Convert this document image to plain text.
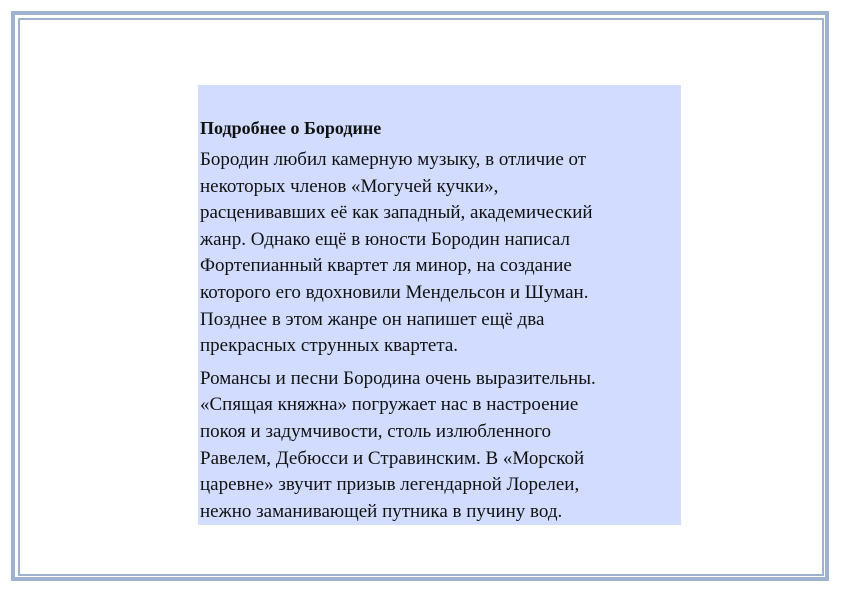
Подробнее о Бородине
Бородин любил камерную музыку, в отличие от
некоторых членов «Могучей кучки»,
расценивавших её как западный, академический
жанр. Однако ещё в юности Бородин написал
Фортепианный квартет ля минор, на создание
которого его вдохновили Мендельсон и Шуман.
Позднее в этом жанре он напишет ещё два
прекрасных струнных квартета.
Романсы и песни Бородина очень выразительны.
«Спящая княжна» погружает нас в настроение
покоя и задумчивости, столь излюбленного
Равелем, Дебюсси и Стравинским. В «Морской
царевне» звучит призыв легендарной Лорелеи,
нежно заманивающей путника в пучину вод.
